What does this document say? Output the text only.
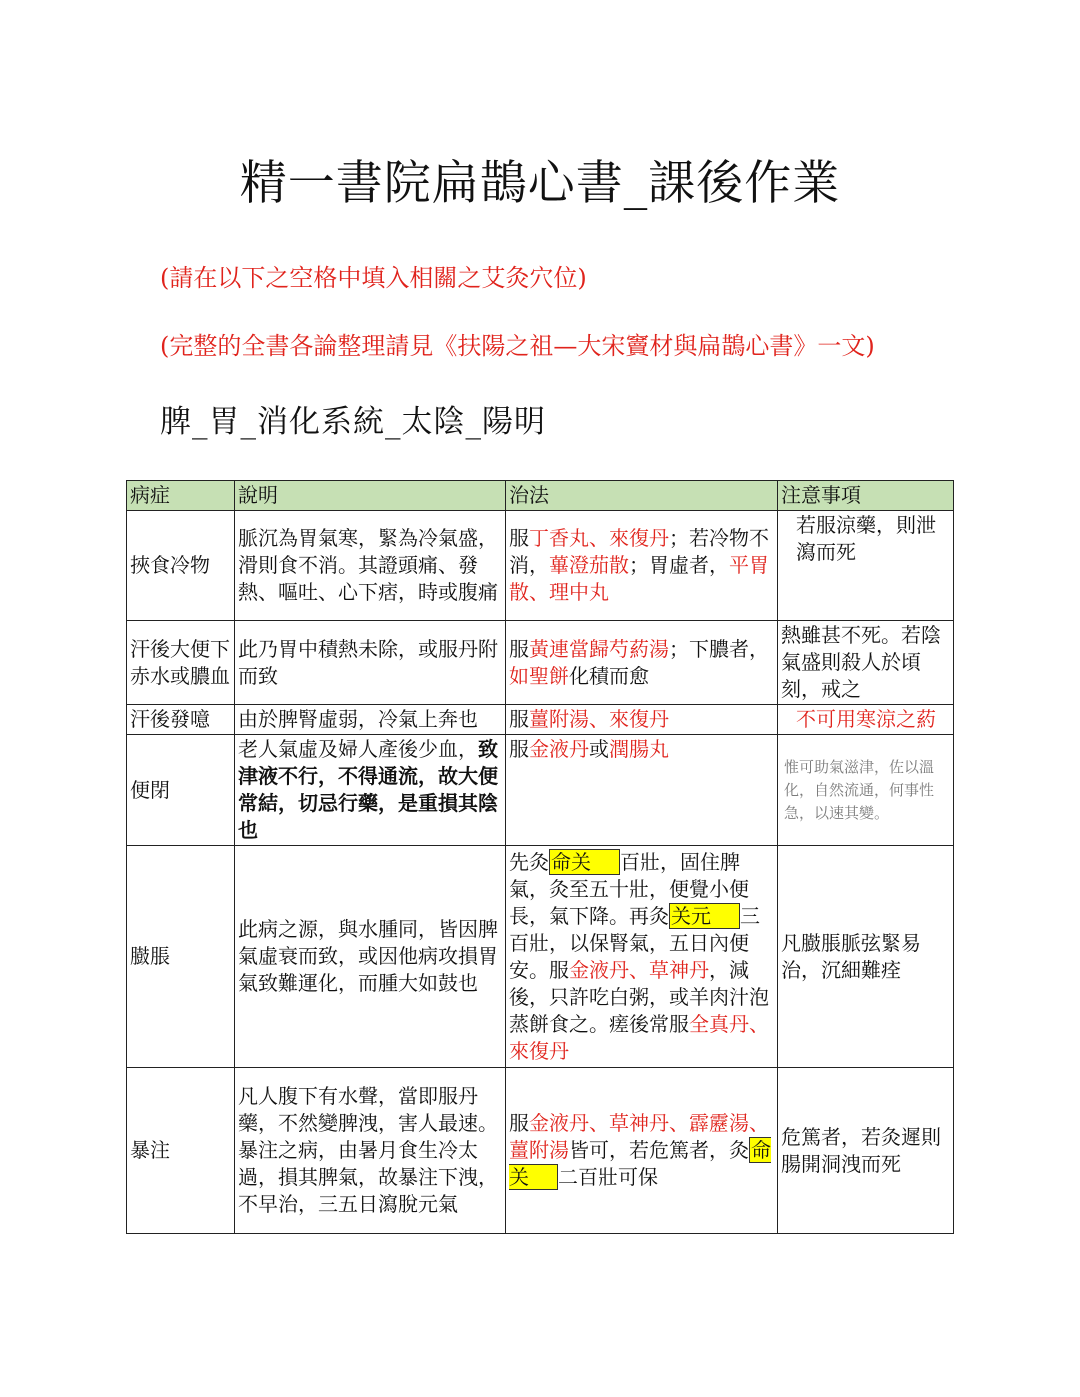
精一書院扁鵲心書_課後作業
(請在以下之空格中填入相關之艾灸穴位)
(完整的全書各論整理請見《扶陽之祖—大宋竇材與扁鵲心書》一文)
脾_胃_消化系統_太陰_陽明
病症	說明	治法	注意事項
挾食冷物	脈沉為胃氣寒，緊為冷氣盛，滑則食不消。其證頭痛、發熱、嘔吐、心下痞，時或腹痛	服丁香丸、來復丹；若冷物不消，蓽澄茄散；胃虛者，平胃散、理中丸	若服涼藥，則泄瀉而死
汗後大便下赤水或膿血	此乃胃中積熱未除，或服丹附而致	服黃連當歸芍葯湯；下膿者，如聖餅化積而愈	熱雖甚不死。若陰氣盛則殺人於頃刻，戒之
汗後發噫	由於脾腎虛弱，冷氣上奔也	服薑附湯、來復丹	不可用寒涼之葯
便閉	老人氣虛及婦人產後少血，致津液不行，不得通流，故大便常結，切忌行藥，是重損其陰也	服金液丹或潤腸丸	惟可助氣滋津，佐以溫化，自然流通，何事性急，以速其變。
臌脹	此病之源，與水腫同，皆因脾氣虛衰而致，或因他病攻損胃氣致難運化，而腫大如鼓也	先灸 命关 百壯，固住脾氣，灸至五十壯，便覺小便長，氣下降。再灸 关元 三百壯，以保腎氣，五日內便安。服金液丹、草神丹，減後，只許吃白粥，或羊肉汁泡蒸餅食之。瘥後常服全真丹、來復丹	凡臌脹脈弦緊易治，沉細難痊
暴注	凡人腹下有水聲，當即服丹藥，不然變脾洩，害人最速。暴注之病，由暑月食生冷太過，損其脾氣，故暴注下洩，不早治，三五日瀉脫元氣	服金液丹、草神丹、霹靂湯、薑附湯皆可，若危篤者，灸 命关 二百壯可保	危篤者，若灸遲則腸開洞洩而死
